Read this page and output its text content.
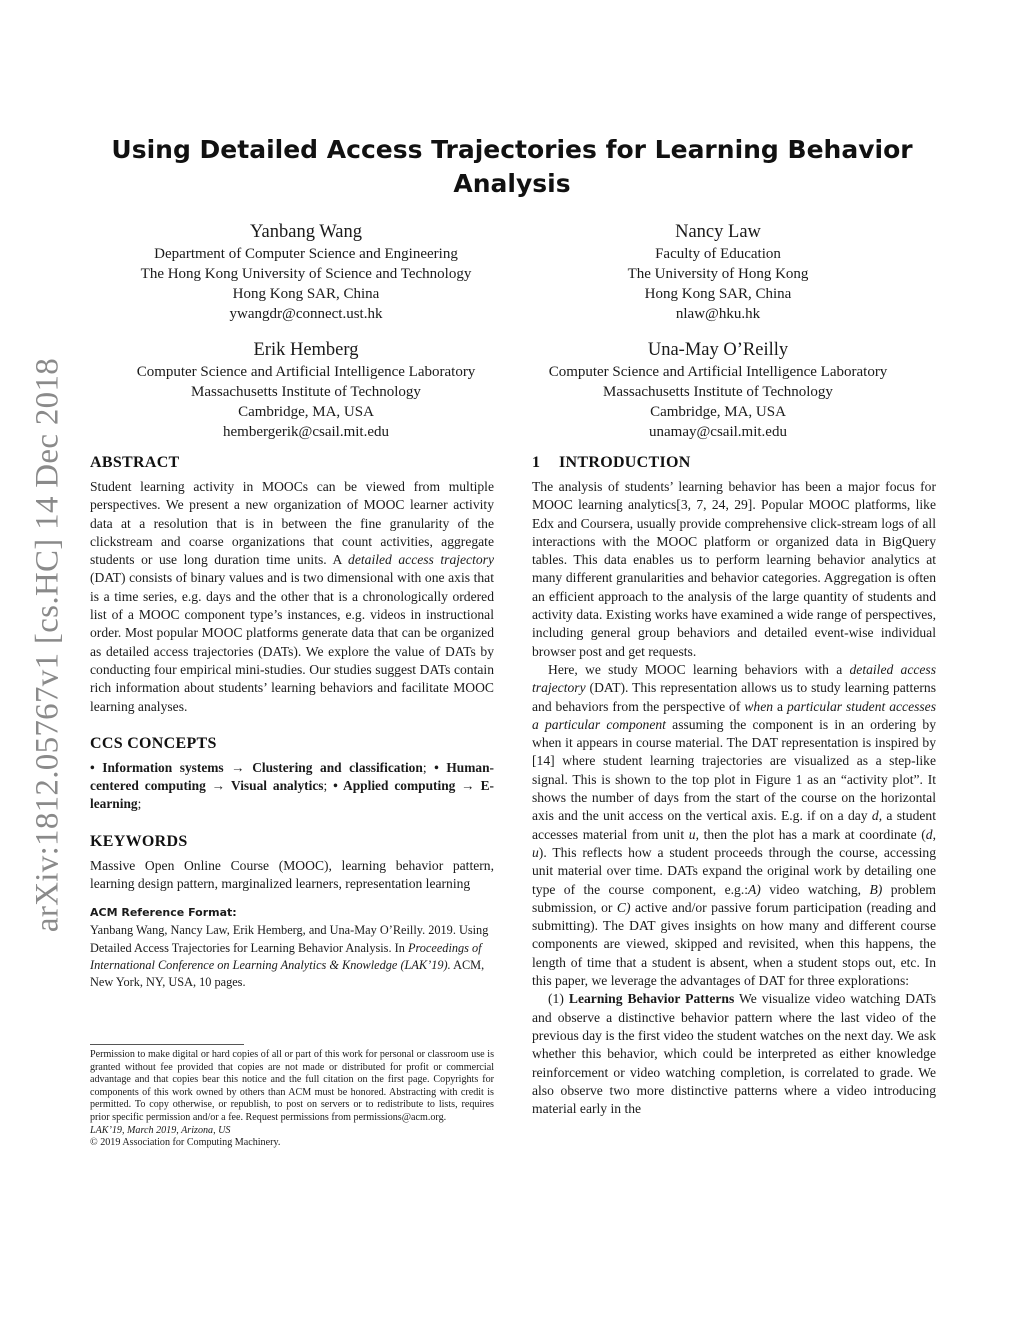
arXiv:1812.05767v1 [cs.HC] 14 Dec 2018
Using Detailed Access Trajectories for Learning Behavior Analysis
Yanbang Wang
Department of Computer Science and Engineering
The Hong Kong University of Science and Technology
Hong Kong SAR, China
ywangdr@connect.ust.hk
Nancy Law
Faculty of Education
The University of Hong Kong
Hong Kong SAR, China
nlaw@hku.hk
Erik Hemberg
Computer Science and Artificial Intelligence Laboratory
Massachusetts Institute of Technology
Cambridge, MA, USA
hembergerik@csail.mit.edu
Una-May O’Reilly
Computer Science and Artificial Intelligence Laboratory
Massachusetts Institute of Technology
Cambridge, MA, USA
unamay@csail.mit.edu
ABSTRACT

Student learning activity in MOOCs can be viewed from multiple perspectives. We present a new organization of MOOC learner activity data at a resolution that is in between the fine granularity of the clickstream and coarse organizations that count activities, aggregate students or use long duration time units. A detailed access trajectory (DAT) consists of binary values and is two dimensional with one axis that is a time series, e.g. days and the other that is a chronologically ordered list of a MOOC component type’s instances, e.g. videos in instructional order. Most popular MOOC platforms generate data that can be organized as detailed access trajectories (DATs). We explore the value of DATs by conducting four empirical mini-studies. Our studies suggest DATs contain rich information about students’ learning behaviors and facilitate MOOC learning analyses.

CCS CONCEPTS

• Information systems → Clustering and classification; • Human-centered computing → Visual analytics; • Applied computing → E-learning;

KEYWORDS

Massive Open Online Course (MOOC), learning behavior pattern, learning design pattern, marginalized learners, representation learning

ACM Reference Format:

Yanbang Wang, Nancy Law, Erik Hemberg, and Una-May O’Reilly. 2019. Using Detailed Access Trajectories for Learning Behavior Analysis. In Proceedings of International Conference on Learning Analytics & Knowledge (LAK’19). ACM, New York, NY, USA, 10 pages.

Permission to make digital or hard copies of all or part of this work for personal or classroom use is granted without fee provided that copies are not made or distributed for profit or commercial advantage and that copies bear this notice and the full citation on the first page. Copyrights for components of this work owned by others than ACM must be honored. Abstracting with credit is permitted. To copy otherwise, or republish, to post on servers or to redistribute to lists, requires prior specific permission and/or a fee. Request permissions from permissions@acm.org.
LAK’19, March 2019, Arizona, US
© 2019 Association for Computing Machinery.
1 INTRODUCTION

The analysis of students’ learning behavior has been a major focus for MOOC learning analytics[3, 7, 24, 29]. Popular MOOC platforms, like Edx and Coursera, usually provide comprehensive click-stream logs of all interactions with the MOOC platform or organized data in BigQuery tables. This data enables us to perform learning behavior analytics at many different granularities and behavior categories. Aggregation is often an efficient approach to the analysis of the large quantity of students and activity data. Existing works have examined a wide range of perspectives, including general group behaviors and detailed event-wise individual browser post and get requests.

Here, we study MOOC learning behaviors with a detailed access trajectory (DAT). This representation allows us to study learning patterns and behaviors from the perspective of when a particular student accesses a particular component assuming the component is in an ordering by when it appears in course material. The DAT representation is inspired by [14] where student learning trajectories are visualized as a step-like signal. This is shown to the top plot in Figure 1 as an “activity plot”. It shows the number of days from the start of the course on the horizontal axis and the unit access on the vertical axis. E.g. if on a day d, a student accesses material from unit u, then the plot has a mark at coordinate (d, u). This reflects how a student proceeds through the course, accessing unit material over time. DATs expand the original work by detailing one type of the course component, e.g.:A) video watching, B) problem submission, or C) active and/or passive forum participation (reading and submitting). The DAT gives insights on how many and different course components are viewed, skipped and revisited, when this happens, the length of time that a student is absent, when a student stops out, etc. In this paper, we leverage the advantages of DAT for three explorations:

(1) Learning Behavior Patterns We visualize video watching DATs and observe a distinctive behavior pattern where the last video of the previous day is the first video the student watches on the next day. We ask whether this behavior, which could be interpreted as either knowledge reinforcement or video watching completion, is correlated to grade. We also observe two more distinctive patterns where a video introducing material early in the
